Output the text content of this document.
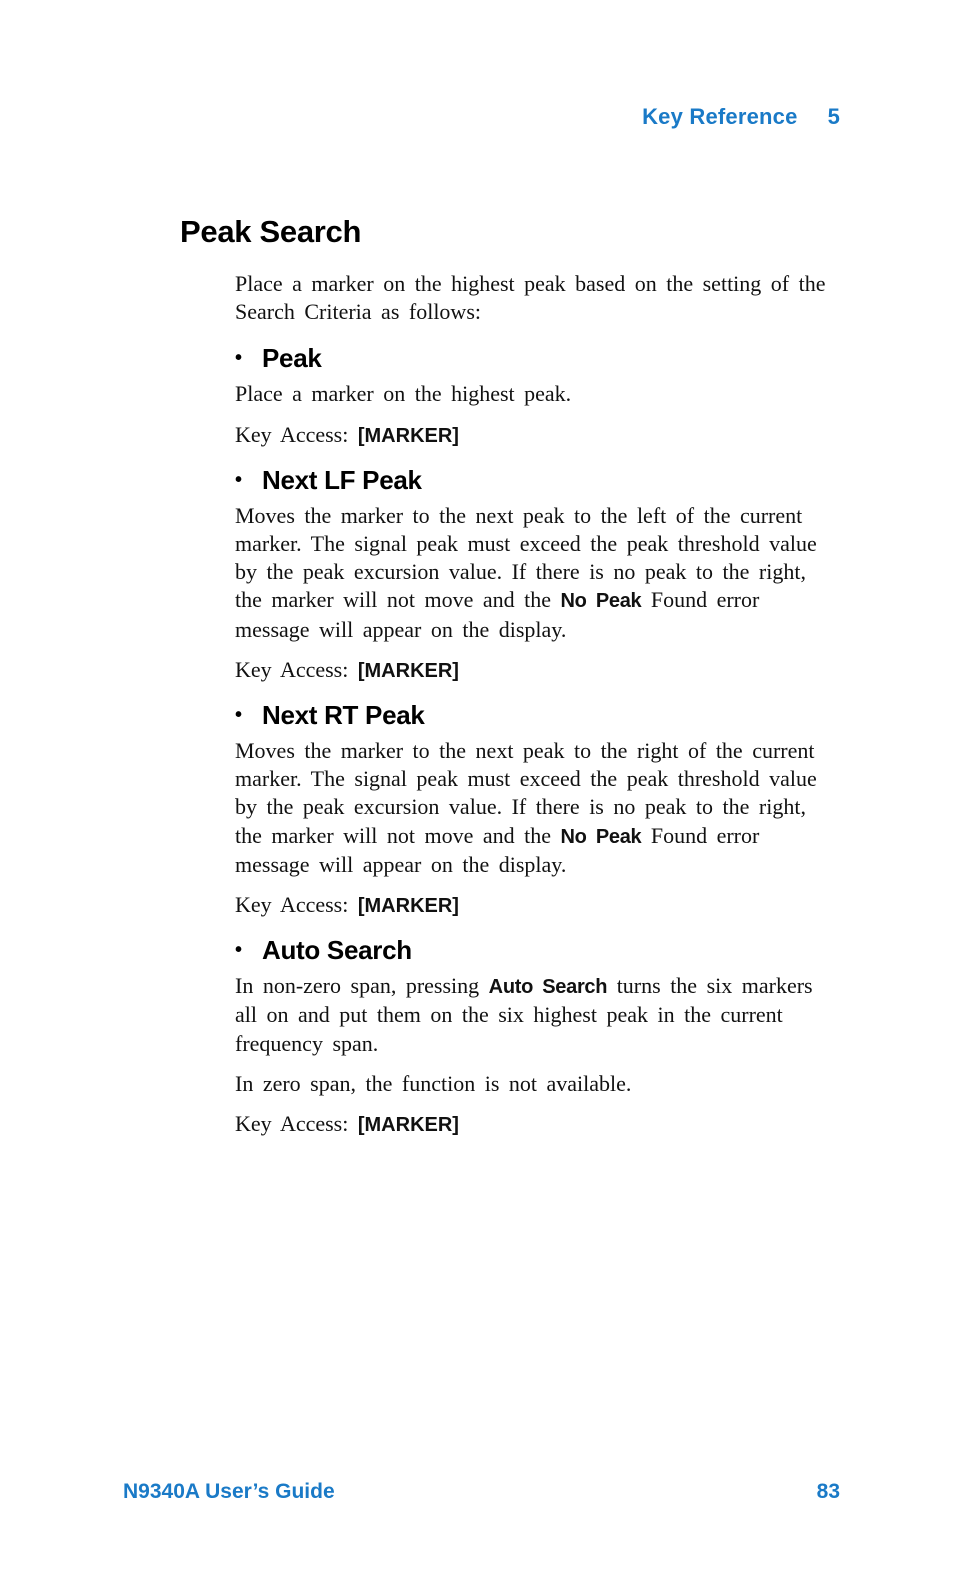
Key Reference 5
Peak Search

Place a marker on the highest peak based on the setting of the Search Criteria as follows:

• Peak

Place a marker on the highest peak.

Key Access: [MARKER]

• Next LF Peak

Moves the marker to the next peak to the left of the current marker. The signal peak must exceed the peak threshold value by the peak excursion value. If there is no peak to the right, the marker will not move and the No Peak Found error message will appear on the display.

Key Access: [MARKER]

• Next RT Peak

Moves the marker to the next peak to the right of the current marker. The signal peak must exceed the peak threshold value by the peak excursion value. If there is no peak to the right, the marker will not move and the No Peak Found error message will appear on the display.

Key Access: [MARKER]

• Auto Search

In non-zero span, pressing Auto Search turns the six markers all on and put them on the six highest peak in the current frequency span.

In zero span, the function is not available.

Key Access: [MARKER]

N9340A User’s Guide	83
